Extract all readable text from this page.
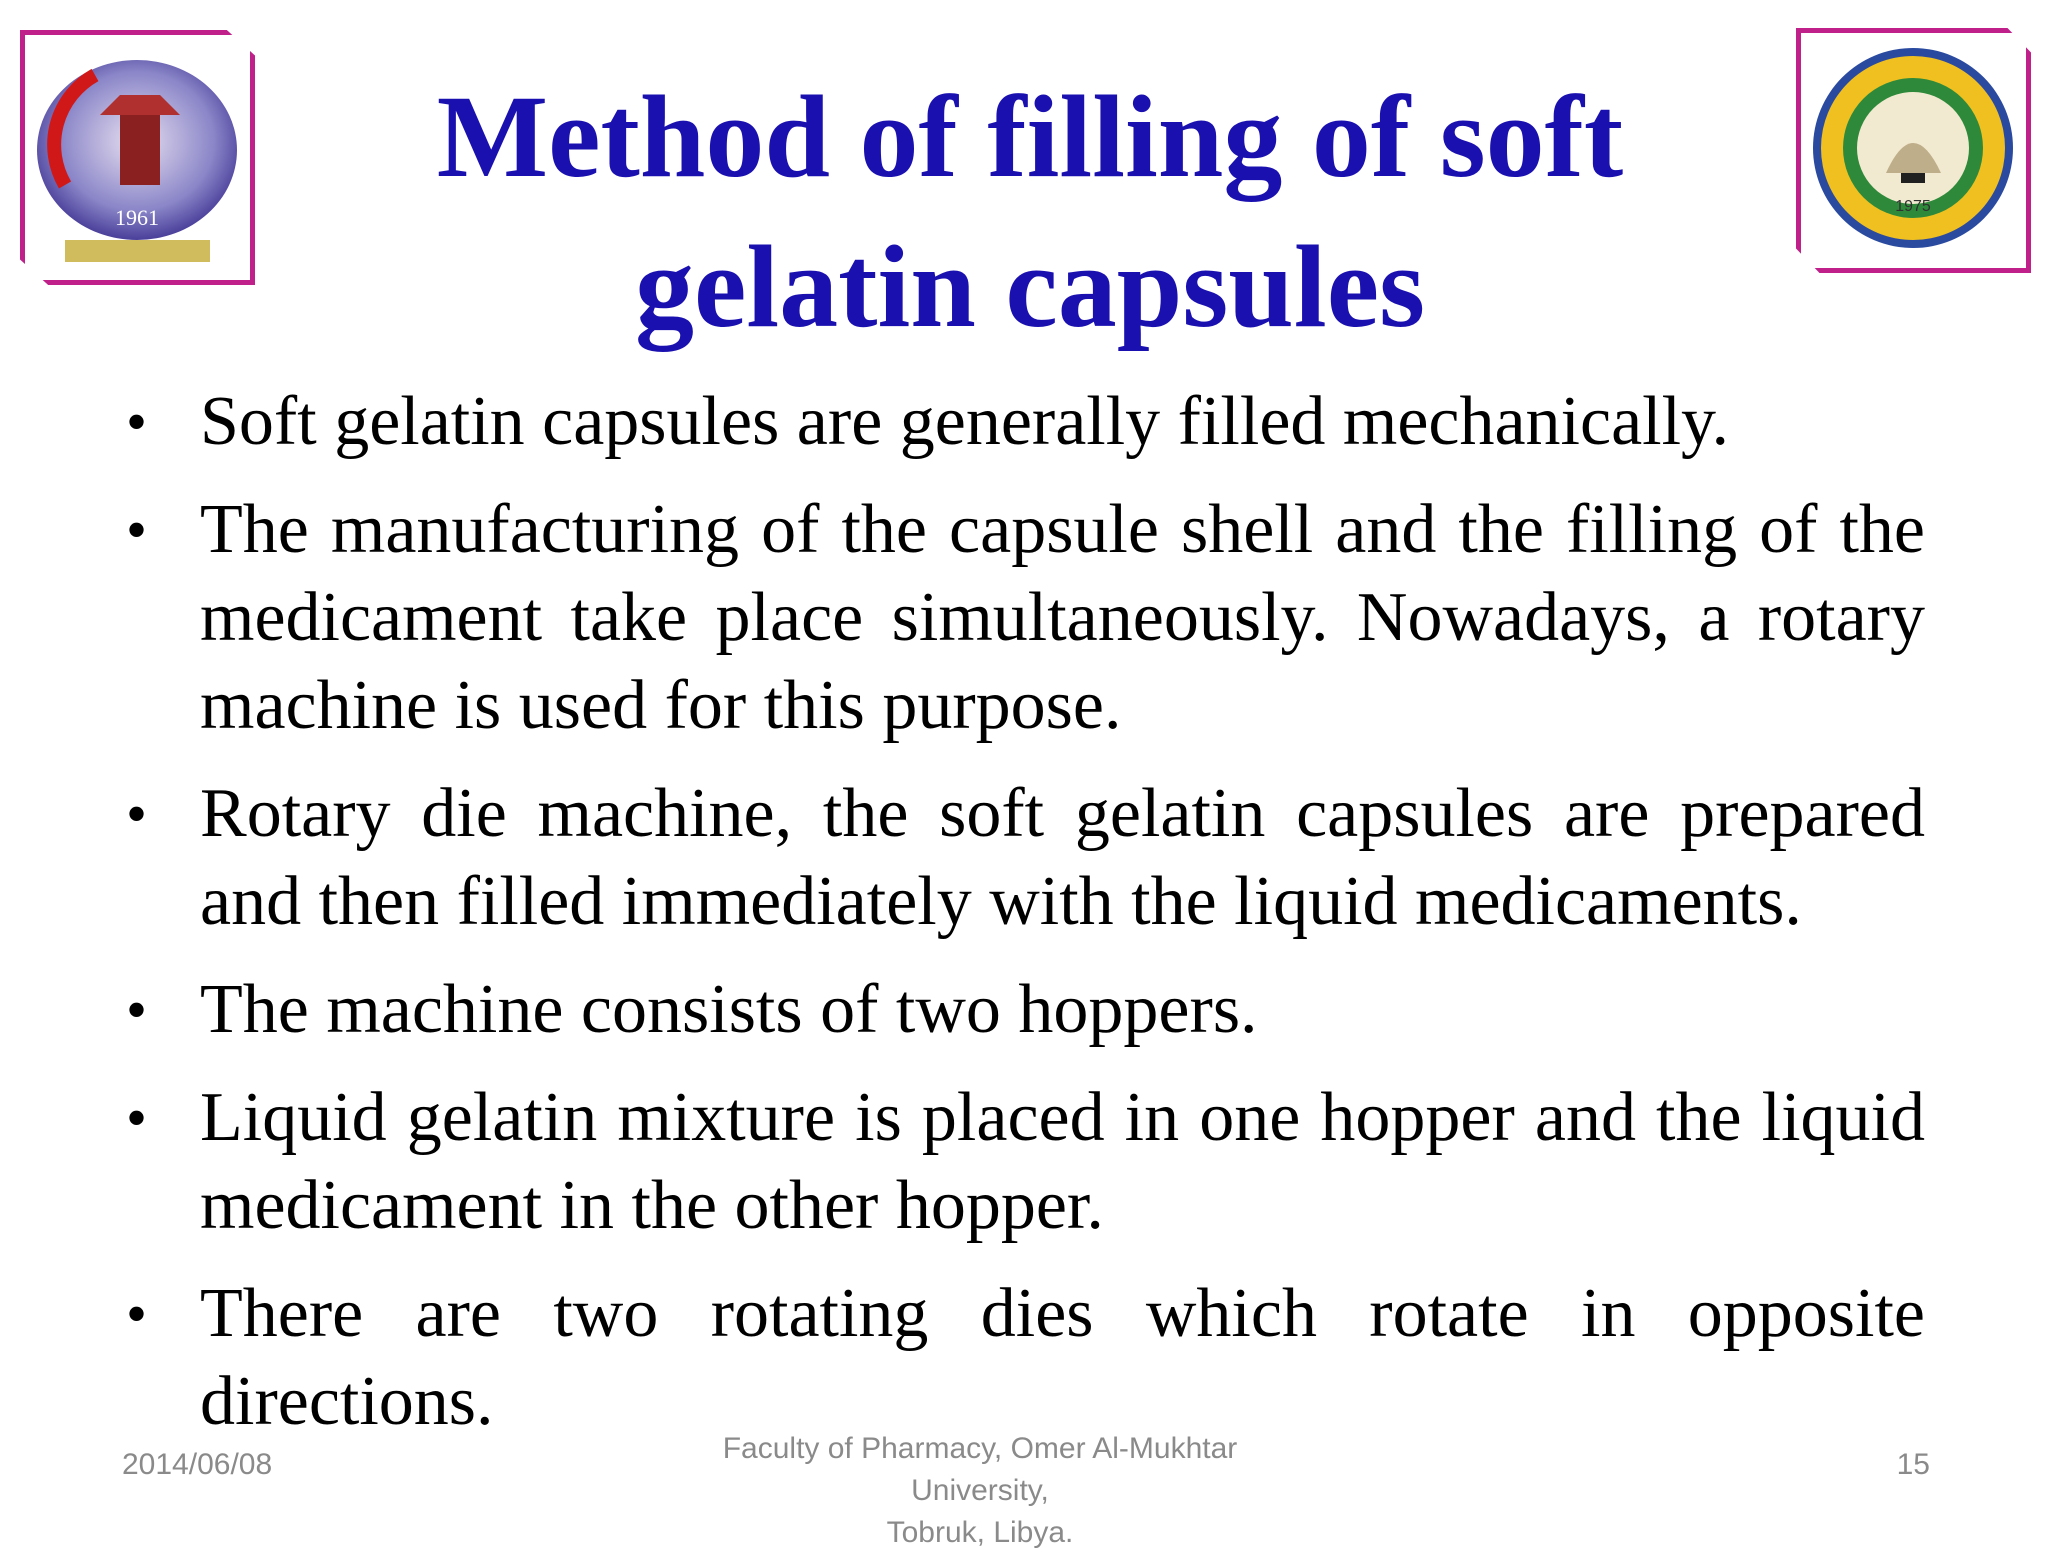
1961	1975
Method of filling of soft
gelatin capsules
• Soft gelatin capsules are generally filled mechanically.
• The manufacturing of the capsule shell and the filling of the medicament take place simultaneously. Nowadays, a rotary machine is used for this purpose.
• Rotary die machine, the soft gelatin capsules are prepared and then filled immediately with the liquid medicaments.
• The machine consists of two hoppers.
• Liquid gelatin mixture is placed in one hopper and the liquid medicament in the other hopper.
• There are two rotating dies which rotate in opposite directions.
2014/06/08	Faculty of Pharmacy, Omer Al-Mukhtar University,
Tobruk, Libya.
15
